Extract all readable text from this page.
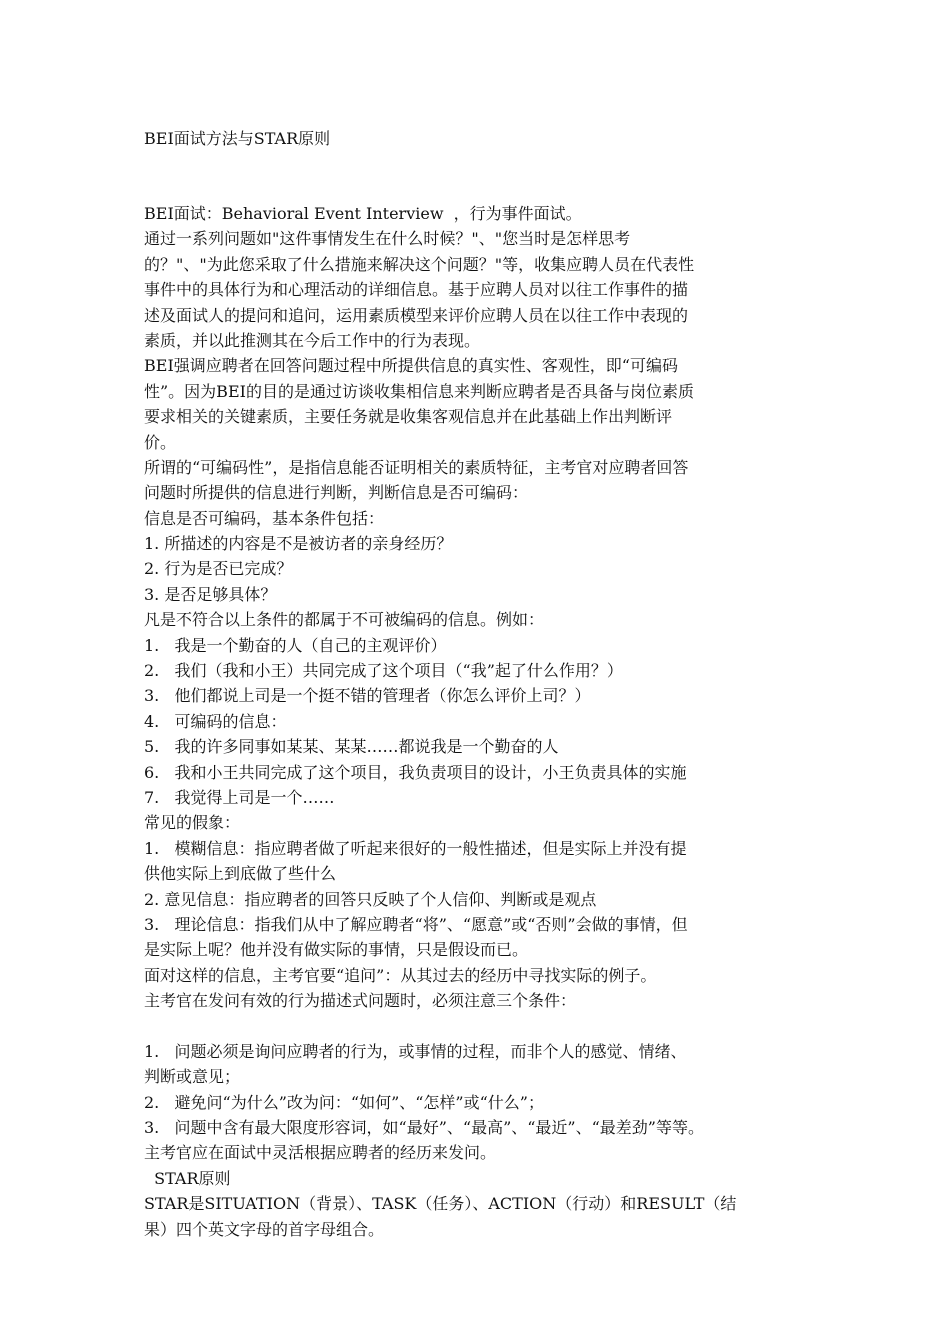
BEI面试方法与STAR原则
BEI面试：Behavioral Event Interview  ，行为事件面试。
通过一系列问题如"这件事情发生在什么时候？"、"您当时是怎样思考
的？"、"为此您采取了什么措施来解决这个问题？"等，收集应聘人员在代表性
事件中的具体行为和心理活动的详细信息。基于应聘人员对以往工作事件的描
述及面试人的提问和追问，运用素质模型来评价应聘人员在以往工作中表现的
素质，并以此推测其在今后工作中的行为表现。
BEI强调应聘者在回答问题过程中所提供信息的真实性、客观性，即“可编码
性”。因为BEI的目的是通过访谈收集相信息来判断应聘者是否具备与岗位素质
要求相关的关键素质，主要任务就是收集客观信息并在此基础上作出判断评
价。
所谓的“可编码性”，是指信息能否证明相关的素质特征，主考官对应聘者回答
问题时所提供的信息进行判断，判断信息是否可编码：
信息是否可编码，基本条件包括：
1. 所描述的内容是不是被访者的亲身经历？
2. 行为是否已完成？
3. 是否足够具体？
凡是不符合以上条件的都属于不可被编码的信息。例如：
1.   我是一个勤奋的人（自己的主观评价）
2.   我们（我和小王）共同完成了这个项目（“我”起了什么作用？）
3.   他们都说上司是一个挺不错的管理者（你怎么评价上司？）
4.   可编码的信息：
5.   我的许多同事如某某、某某……都说我是一个勤奋的人
6.   我和小王共同完成了这个项目，我负责项目的设计，小王负责具体的实施
7.   我觉得上司是一个……
常见的假象：
1.   模糊信息：指应聘者做了听起来很好的一般性描述，但是实际上并没有提
供他实际上到底做了些什么
2. 意见信息：指应聘者的回答只反映了个人信仰、判断或是观点
3.   理论信息：指我们从中了解应聘者“将”、“愿意”或“否则”会做的事情，但
是实际上呢？他并没有做实际的事情，只是假设而已。
面对这样的信息，主考官要“追问”：从其过去的经历中寻找实际的例子。
主考官在发问有效的行为描述式问题时，必须注意三个条件：
1.   问题必须是询问应聘者的行为，或事情的过程，而非个人的感觉、情绪、
判断或意见；
2.   避免问“为什么”改为问：“如何”、“怎样”或“什么”；
3.   问题中含有最大限度形容词，如“最好”、“最高”、“最近”、“最差劲”等等。
主考官应在面试中灵活根据应聘者的经历来发问。
STAR原则
STAR是SITUATION（背景）、TASK（任务）、ACTION（行动）和RESULT（结
果）四个英文字母的首字母组合。
